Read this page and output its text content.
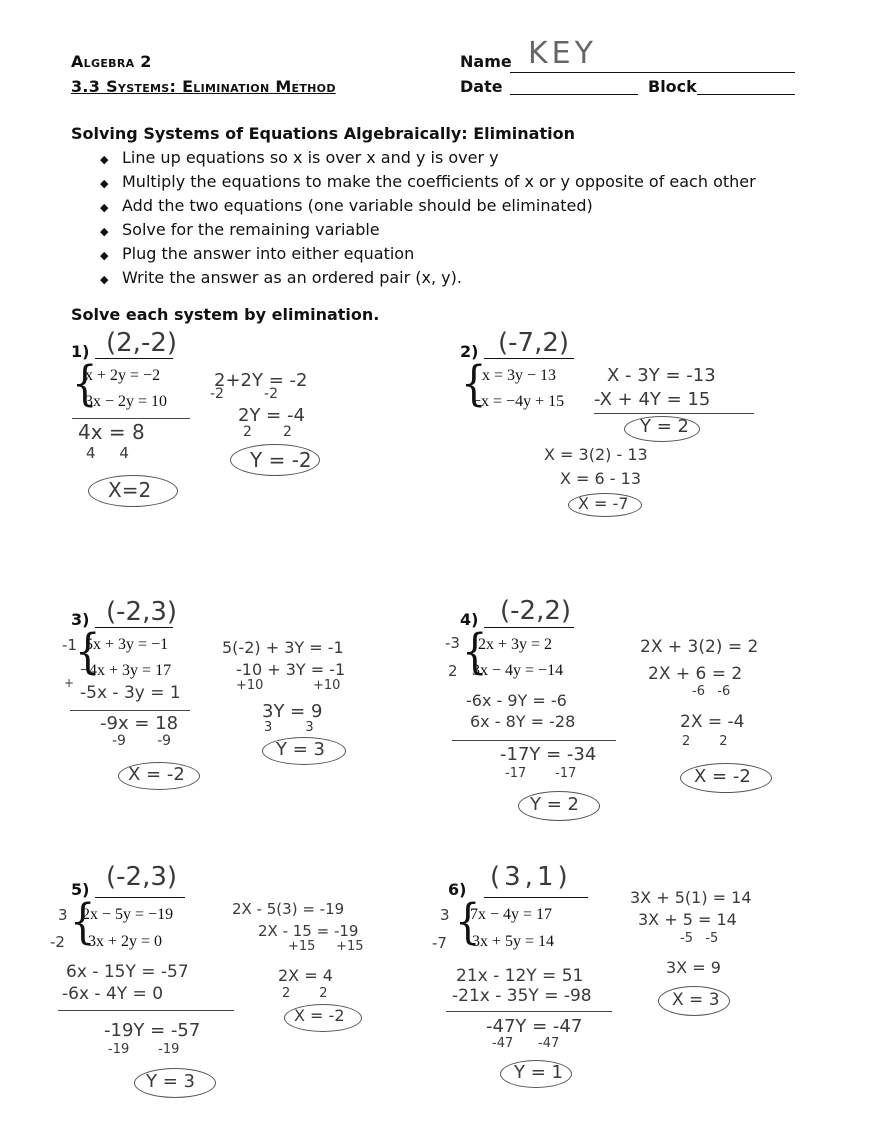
Algebra 2
3.3 Systems: Elimination Method
Name KEY
Date	Block
Solving Systems of Equations Algebraically: Elimination
◆ Line up equations so x is over x and y is over y
◆ Multiply the equations to make the coefficients of x or y opposite of each other
◆ Add the two equations (one variable should be eliminated)
◆ Solve for the remaining variable
◆ Plug the answer into either equation
◆ Write the answer as an ordered pair (x, y).
Solve each system by elimination.
1) (2,-2)
{
x + 2y = −2
3x − 2y = 10
4x = 8
4     4
X=2
2+2Y = -2
-2         -2
2Y = -4
2       2
Y = -2
2) (-7,2)
{
x = 3y − 13
−x = −4y + 15
X - 3Y = -13
-X + 4Y = 15
Y = 2
X = 3(2) - 13
X = 6 - 13
X = -7
3) (-2,3)
-1
+
{
5x + 3y = −1
−4x + 3y = 17
-5x - 3y = 1
-9x = 18
-9       -9
X = -2
5(-2) + 3Y = -1
-10 + 3Y = -1
+10            +10
3Y = 9
3        3
Y = 3
4) (-2,2)
-3
2 {
2x + 3y = 2
3x − 4y = −14
-6x - 9Y = -6
6x - 8Y = -28
-17Y = -34
-17       -17
Y = 2
2X + 3(2) = 2
2X + 6 = 2
-6   -6
2X = -4
2       2
X = -2
5) (-2,3)
3
-2 {
2x − 5y = −19
3x + 2y = 0
6x - 15Y = -57
-6x - 4Y = 0
-19Y = -57
-19       -19
Y = 3
2X - 5(3) = -19
2X - 15 = -19
+15     +15
2X = 4
2       2
X = -2
6) (3,1)
3
-7 {
7x − 4y = 17
3x + 5y = 14
21x - 12Y = 51
-21x - 35Y = -98
-47Y = -47
-47      -47
Y = 1
3X + 5(1) = 14
3X + 5 = 14
-5   -5
3X = 9
X = 3
